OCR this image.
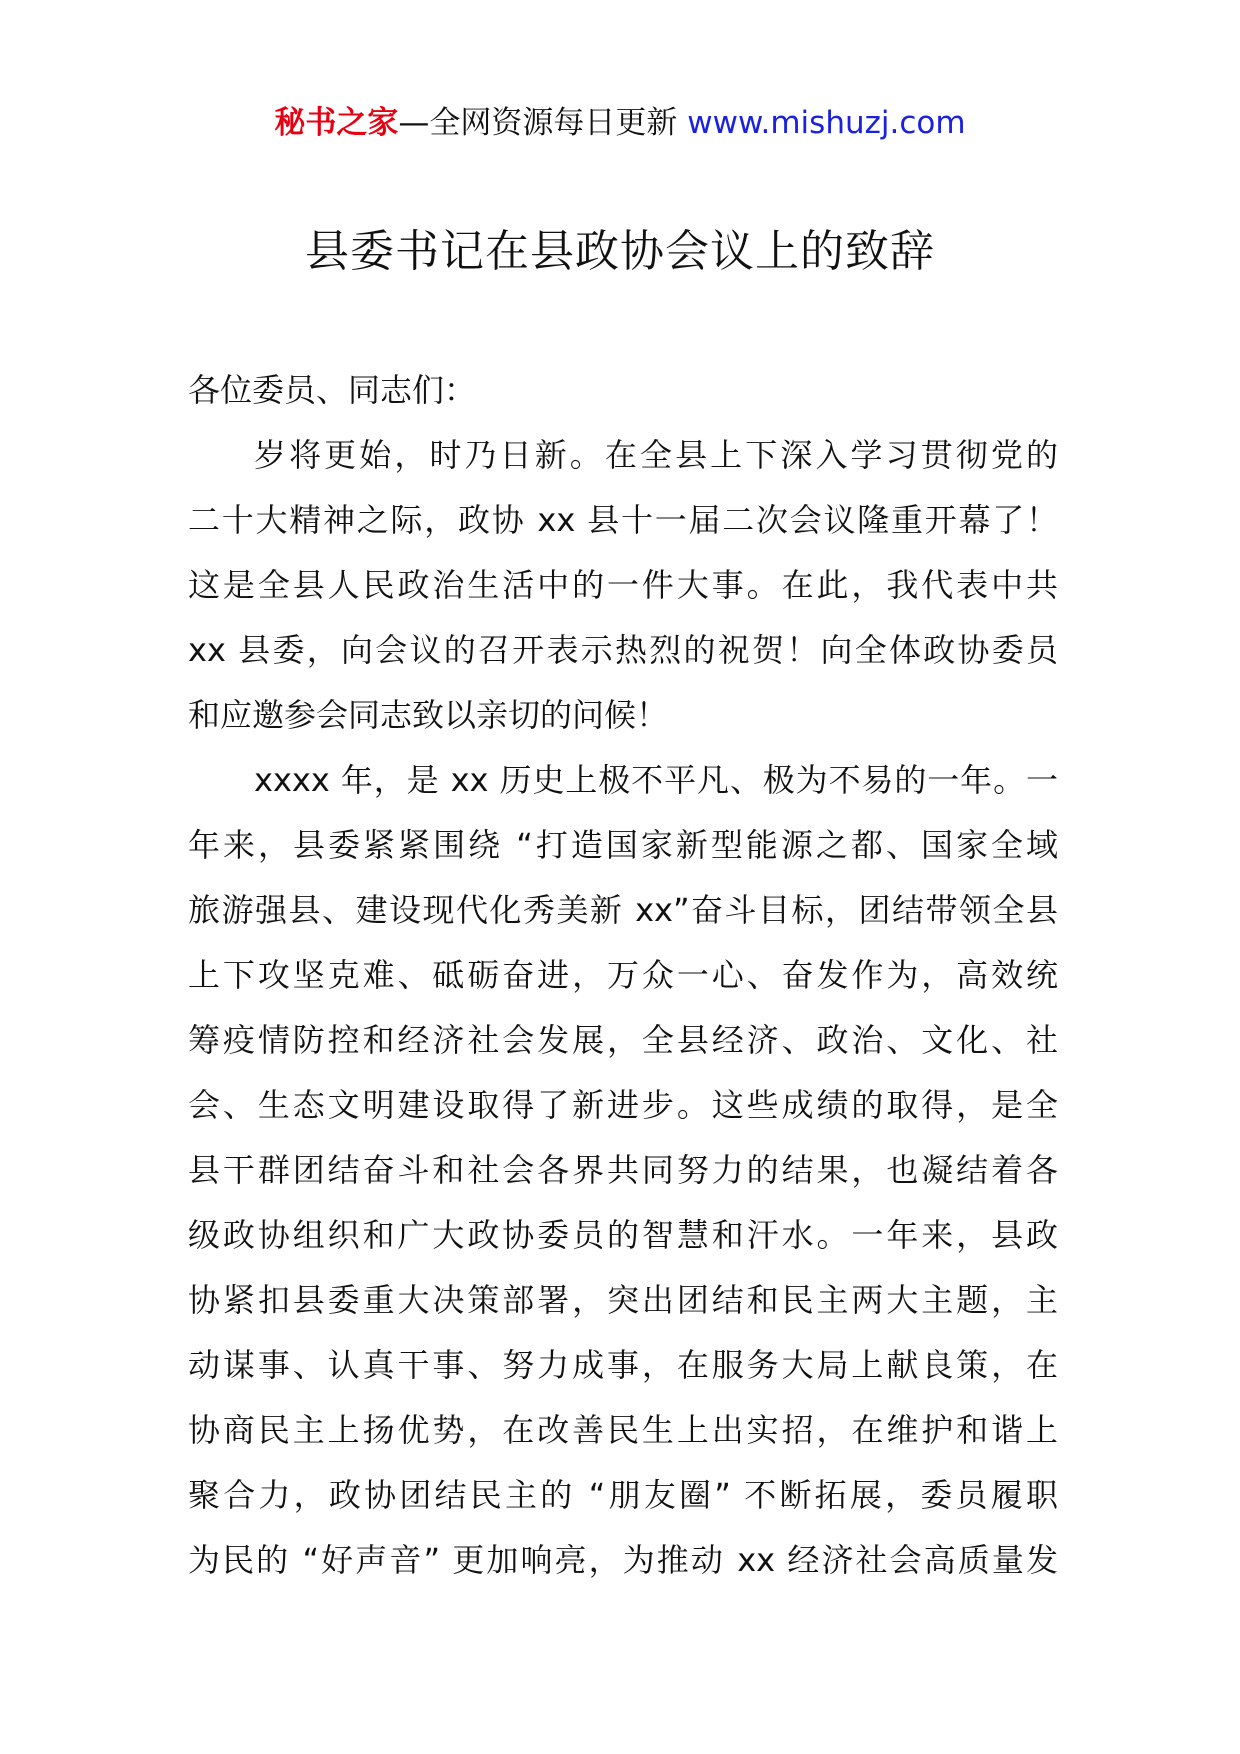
秘书之家—全网资源每日更新 www.mishuzj.com
县委书记在县政协会议上的致辞
各位委员、同志们：
岁将更始，时乃日新。在全县上下深入学习贯彻党的
二十大精神之际，政协 xx 县十一届二次会议隆重开幕了！
这是全县人民政治生活中的一件大事。在此，我代表中共
xx 县委，向会议的召开表示热烈的祝贺！向全体政协委员
和应邀参会同志致以亲切的问候！
xxxx 年，是 xx 历史上极不平凡、极为不易的一年。一
年来，县委紧紧围绕 “打造国家新型能源之都、国家全域
旅游强县、建设现代化秀美新 xx”奋斗目标，团结带领全县
上下攻坚克难、砥砺奋进，万众一心、奋发作为，高效统
筹疫情防控和经济社会发展，全县经济、政治、文化、社
会、生态文明建设取得了新进步。这些成绩的取得，是全
县干群团结奋斗和社会各界共同努力的结果，也凝结着各
级政协组织和广大政协委员的智慧和汗水。一年来，县政
协紧扣县委重大决策部署，突出团结和民主两大主题，主
动谋事、认真干事、努力成事，在服务大局上献良策，在
协商民主上扬优势，在改善民生上出实招，在维护和谐上
聚合力，政协团结民主的 “朋友圈” 不断拓展，委员履职
为民的 “好声音” 更加响亮，为推动 xx 经济社会高质量发
